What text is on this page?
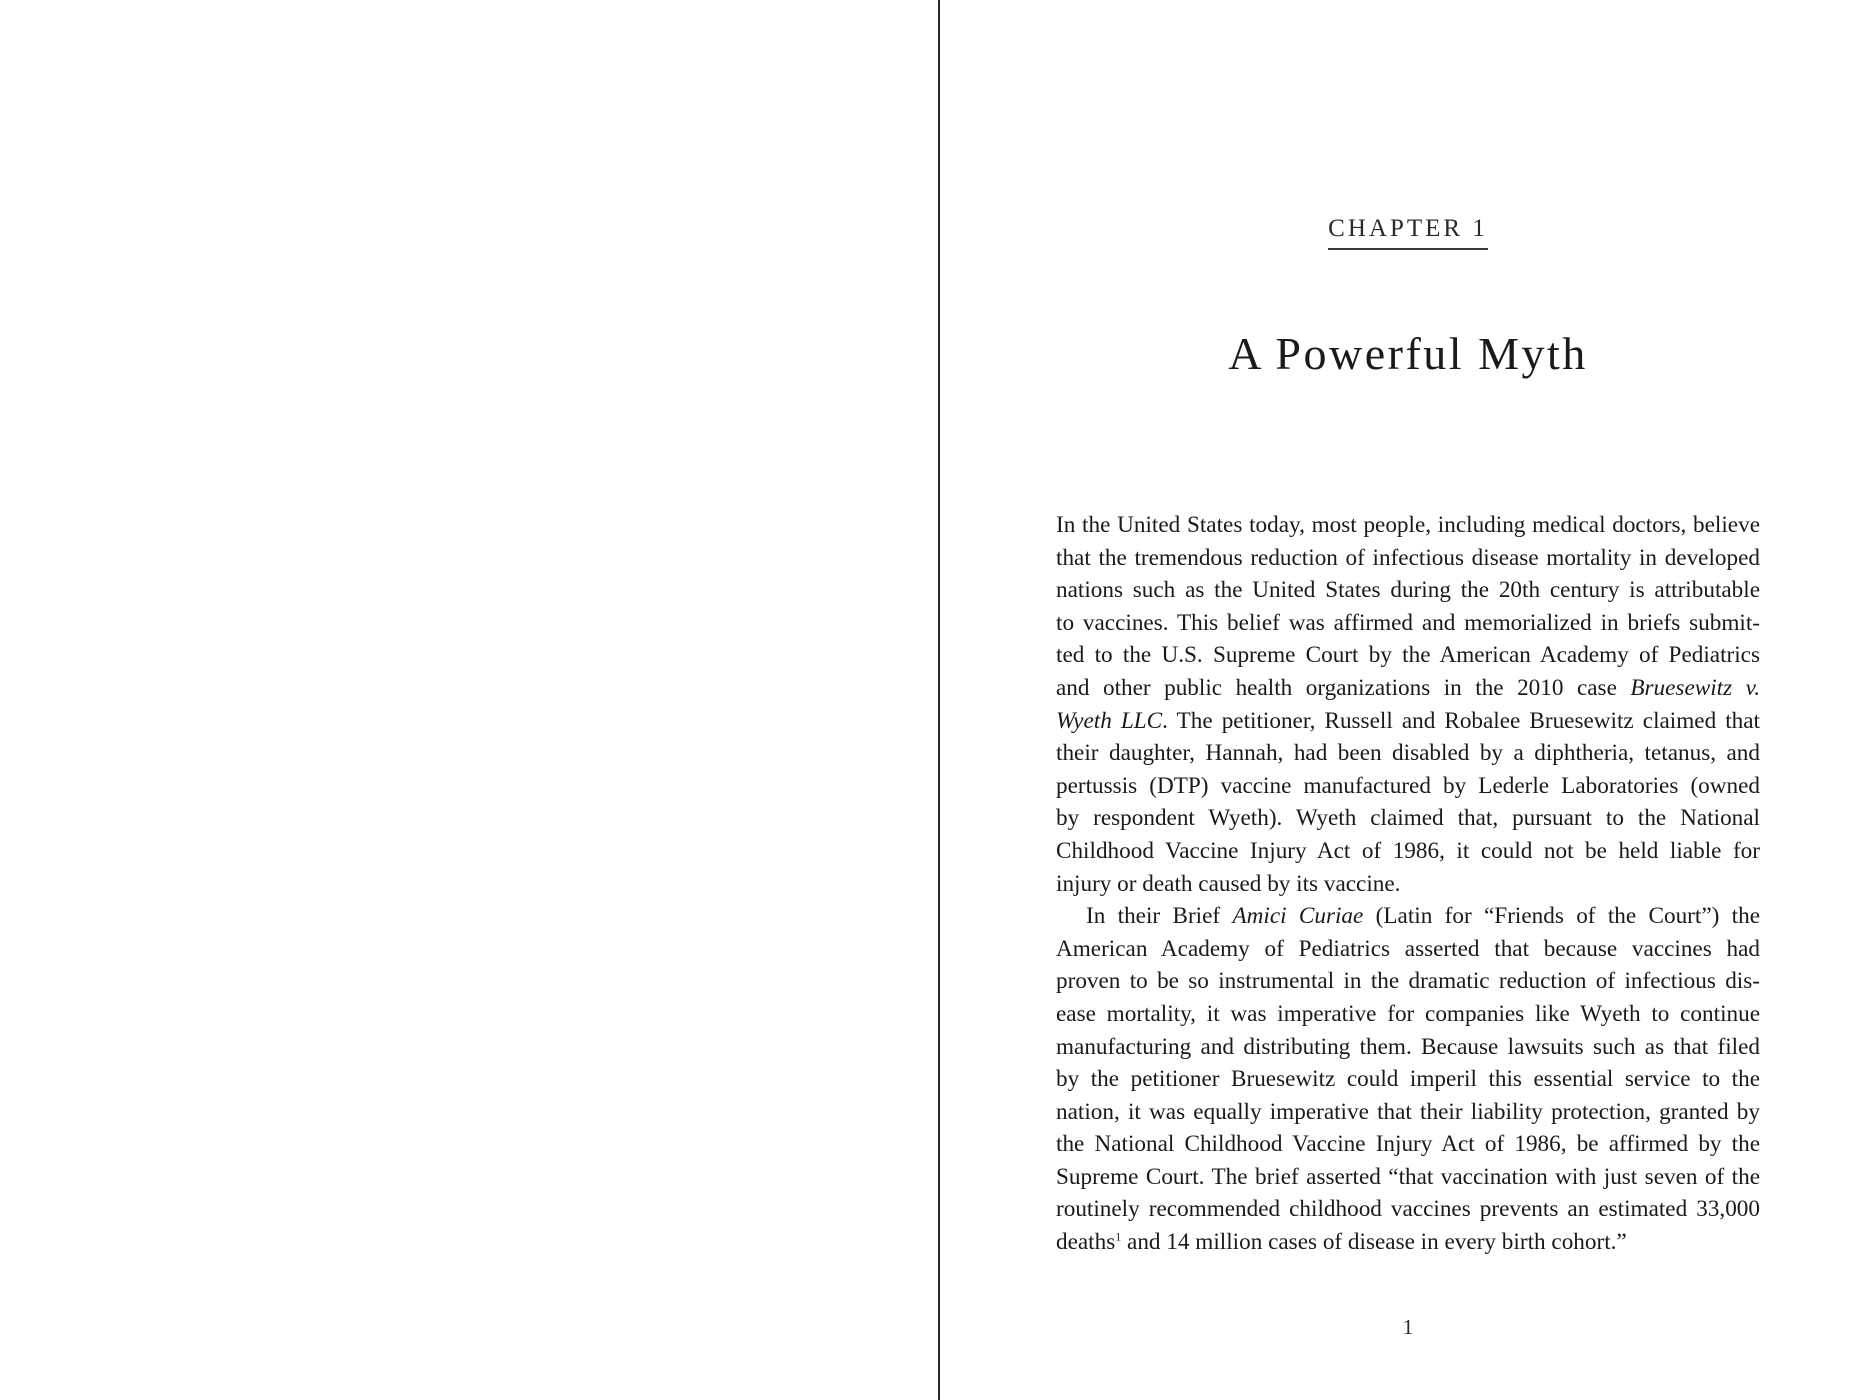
CHAPTER 1
A Powerful Myth
In the United States today, most people, including medical doctors, believe
that the tremendous reduction of infectious disease mortality in developed
nations such as the United States during the 20th century is attributable
to vaccines. This belief was affirmed and memorialized in briefs submit-
ted to the U.S. Supreme Court by the American Academy of Pediatrics
and other public health organizations in the 2010 case Bruesewitz v.
Wyeth LLC. The petitioner, Russell and Robalee Bruesewitz claimed that
their daughter, Hannah, had been disabled by a diphtheria, tetanus, and
pertussis (DTP) vaccine manufactured by Lederle Laboratories (owned
by respondent Wyeth). Wyeth claimed that, pursuant to the National
Childhood Vaccine Injury Act of 1986, it could not be held liable for
injury or death caused by its vaccine.
In their Brief Amici Curiae (Latin for “Friends of the Court”) the
American Academy of Pediatrics asserted that because vaccines had
proven to be so instrumental in the dramatic reduction of infectious dis-
ease mortality, it was imperative for companies like Wyeth to continue
manufacturing and distributing them. Because lawsuits such as that filed
by the petitioner Bruesewitz could imperil this essential service to the
nation, it was equally imperative that their liability protection, granted by
the National Childhood Vaccine Injury Act of 1986, be affirmed by the
Supreme Court. The brief asserted “that vaccination with just seven of the
routinely recommended childhood vaccines prevents an estimated 33,000
deaths$^1$ and 14 million cases of disease in every birth cohort.”
1
